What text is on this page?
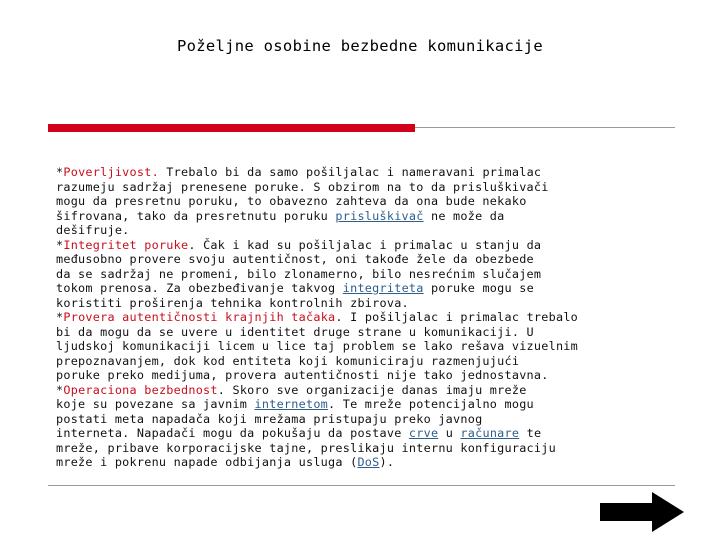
Poželjne osobine bezbedne komunikacije
*Poverljivost. Trebalo bi da samo pošiljalac i nameravani primalac
razumeju sadržaj prenesene poruke. S obzirom na to da prisluškivači
mogu da presretnu poruku, to obavezno zahteva da ona bude nekako
šifrovana, tako da presretnutu poruku prisluškivač ne može da
dešifruje.
*Integritet poruke. Čak i kad su pošiljalac i primalac u stanju da
međusobno provere svoju autentičnost, oni takođe žele da obezbede
da se sadržaj ne promeni, bilo zlonamerno, bilo nesrećnim slučajem
tokom prenosa. Za obezbeđivanje takvog integriteta poruke mogu se
koristiti proširenja tehnika kontrolnih zbirova.
*Provera autentičnosti krajnjih tačaka. I pošiljalac i primalac trebalo
bi da mogu da se uvere u identitet druge strane u komunikaciji. U
ljudskoj komunikaciji licem u lice taj problem se lako rešava vizuelnim
prepoznavanjem, dok kod entiteta koji komuniciraju razmenjujući
poruke preko medijuma, provera autentičnosti nije tako jednostavna.
*Operaciona bezbednost. Skoro sve organizacije danas imaju mreže
koje su povezane sa javnim internetom. Te mreže potencijalno mogu
postati meta napadača koji mrežama pristupaju preko javnog
interneta. Napadači mogu da pokušaju da postave crve u računare te
mreže, pribave korporacijske tajne, preslikaju internu konfiguraciju
mreže i pokrenu napade odbijanja usluga (DoS).
